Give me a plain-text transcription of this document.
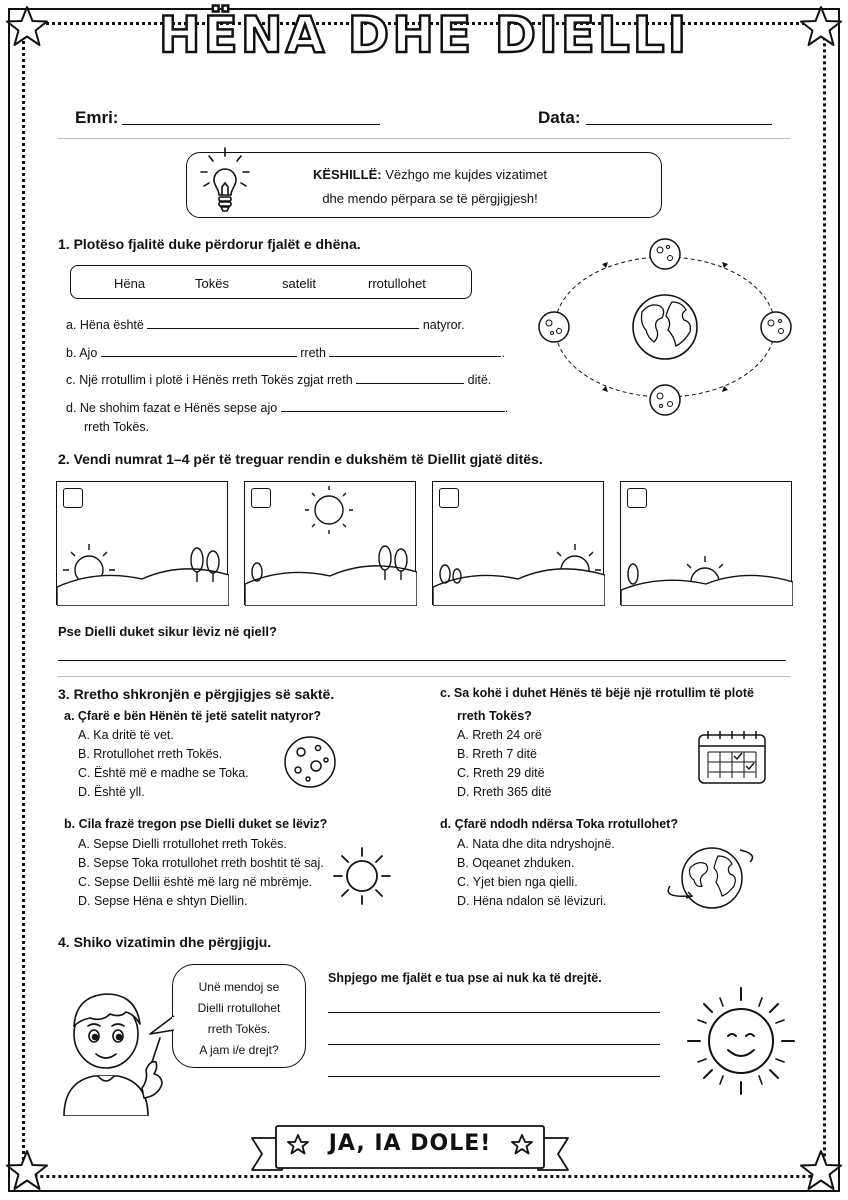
HËNA DHE DIELLI
Emri:	Data:
KËSHILLË: Vëzhgo me kujdes vizatimet
dhe mendo përpara se të përgjigjesh!
1. Plotëso fjalitë duke përdorur fjalët e dhëna.
Hëna	Tokës	satelit	rrotullohet
a. Hëna është	natyror.
b. Ajo	rreth	.
c. Një rrotullim i plotë i Hënës rreth Tokës zgjat rreth	ditë.
d. Ne shohim fazat e Hënës sepse ajo	.
rreth Tokës.
2. Vendi numrat 1–4 për të treguar rendin e dukshëm të Diellit gjatë ditës.
Pse Dielli duket sikur lëviz në qiell?
3. Rretho shkronjën e përgjigjes së saktë.
a. Çfarë e bën Hënën të jetë satelit natyror?
A. Ka dritë të vet.
B. Rrotullohet rreth Tokës.
C. Është më e madhe se Toka.
D. Është yll.
b. Cila frazë tregon pse Dielli duket se lëviz?
A. Sepse Dielli rrotullohet rreth Tokës.
B. Sepse Toka rrotullohet rreth boshtit të saj.
C. Sepse Dellii është më larg në mbrëmje.
D. Sepse Hëna e shtyn Diellin.
c. Sa kohë i duhet Hënës të bëjë një rrotullim të plotë
rreth Tokës?
A. Rreth 24 orë
B. Rreth 7 ditë
C. Rreth 29 ditë
D. Rreth 365 ditë
d. Çfarë ndodh ndërsa Toka rrotullohet?
A. Nata dhe dita ndryshojnë.
B. Oqeanet zhduken.
C. Yjet bien nga qielli.
D. Hëna ndalon së lëvizuri.
4. Shiko vizatimin dhe përgjigju.
Unë mendoj se
Dielli rrotullohet
rreth Tokës.
A jam i/e drejt?
Shpjego me fjalët e tua pse ai nuk ka të drejtë.
JA, IA DOLE!
